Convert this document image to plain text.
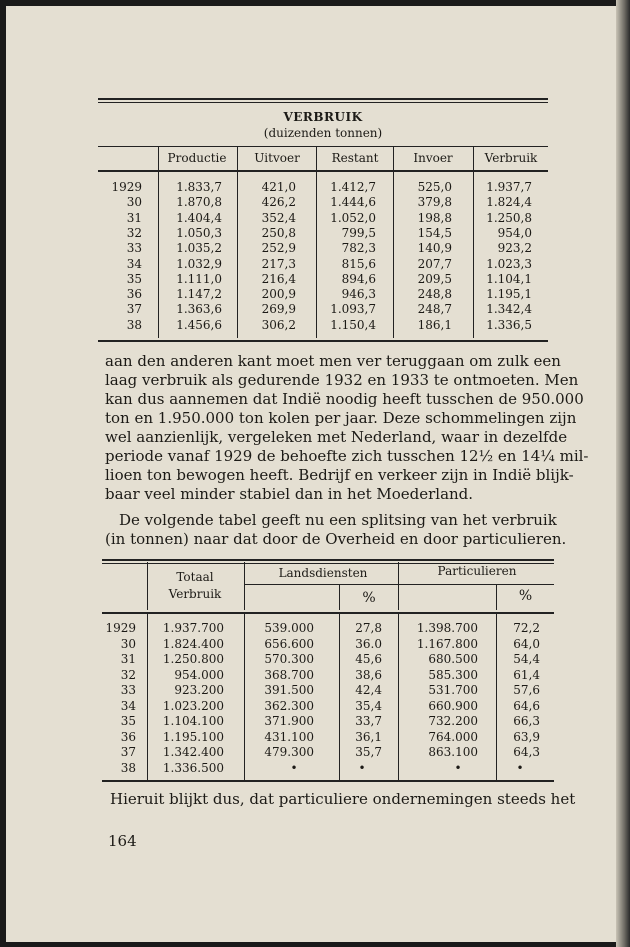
VERBRUIK
(duizenden tonnen)
Productie	Uitvoer	Restant	Invoer	Verbruik
1929	1.833,7	421,0	1.412,7	525,0	1.937,7
30	1.870,8	426,2	1.444,6	379,8	1.824,4
31	1.404,4	352,4	1.052,0	198,8	1.250,8
32	1.050,3	250,8	799,5	154,5	954,0
33	1.035,2	252,9	782,3	140,9	923,2
34	1.032,9	217,3	815,6	207,7	1.023,3
35	1.111,0	216,4	894,6	209,5	1.104,1
36	1.147,2	200,9	946,3	248,8	1.195,1
37	1.363,6	269,9	1.093,7	248,7	1.342,4
38	1.456,6	306,2	1.150,4	186,1	1.336,5
aan den anderen kant moet men ver teruggaan om zulk een
laag verbruik als gedurende 1932 en 1933 te ontmoeten. Men
kan dus aannemen dat Indië noodig heeft tusschen de 950.000
ton en 1.950.000 ton kolen per jaar. Deze schommelingen zijn
wel aanzienlijk, vergeleken met Nederland, waar in dezelfde
periode vanaf 1929 de behoefte zich tusschen 12½ en 14¼ mil-
lioen ton bewogen heeft. Bedrijf en verkeer zijn in Indië blijk-
baar veel minder stabiel dan in het Moederland.
De volgende tabel geeft nu een splitsing van het verbruik
(in tonnen) naar dat door de Overheid en door particulieren.
Totaal
Verbruik
Landsdiensten	Particulieren
%	%
1929	1.937.700	539.000	27,8	1.398.700	72,2
30	1.824.400	656.600	36.0	1.167.800	64,0
31	1.250.800	570.300	45,6	680.500	54,4
32	954.000	368.700	38,6	585.300	61,4
33	923.200	391.500	42,4	531.700	57,6
34	1.023.200	362.300	35,4	660.900	64,6
35	1.104.100	371.900	33,7	732.200	66,3
36	1.195.100	431.100	36,1	764.000	63,9
37	1.342.400	479.300	35,7	863.100	64,3
38	1.336.500	•	•	•	•
Hieruit blijkt dus, dat particuliere ondernemingen steeds het
164
